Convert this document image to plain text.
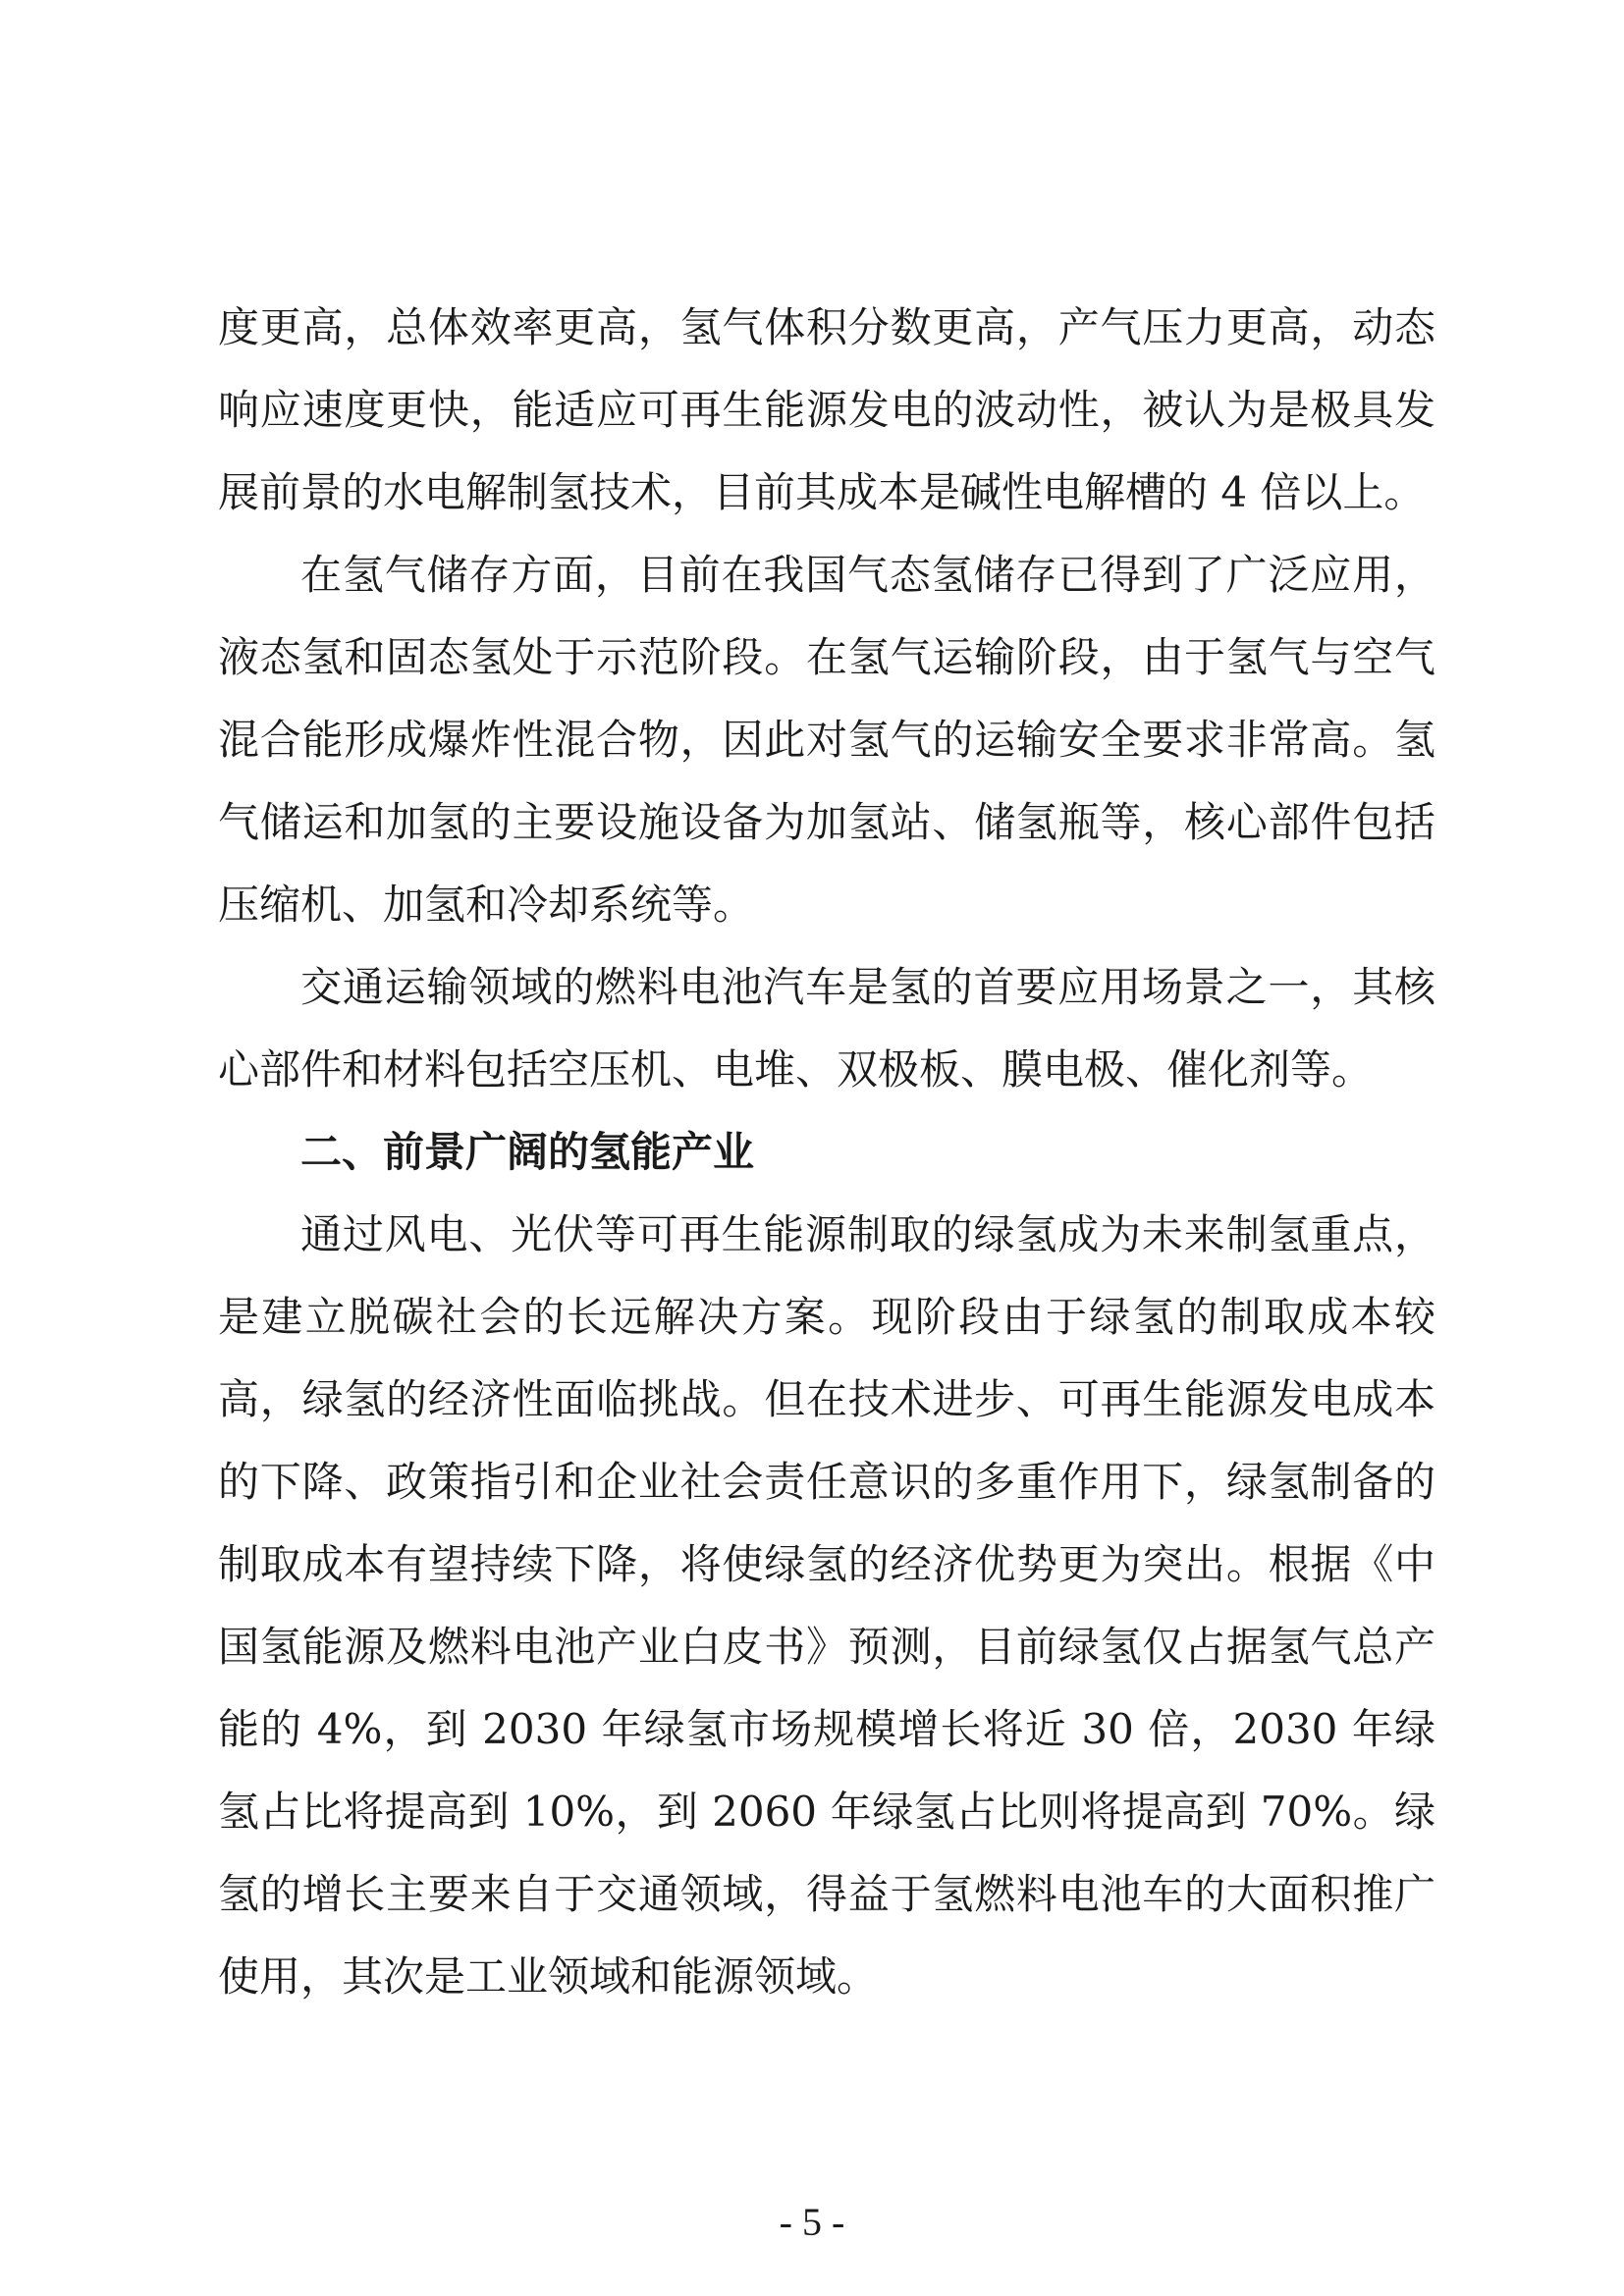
度更高，总体效率更高，氢气体积分数更高，产气压力更高，动态响应速度更快，能适应可再生能源发电的波动性，被认为是极具发展前景的水电解制氢技术，目前其成本是碱性电解槽的 4 倍以上。

在氢气储存方面，目前在我国气态氢储存已得到了广泛应用，液态氢和固态氢处于示范阶段。在氢气运输阶段，由于氢气与空气混合能形成爆炸性混合物，因此对氢气的运输安全要求非常高。氢气储运和加氢的主要设施设备为加氢站、储氢瓶等，核心部件包括压缩机、加氢和冷却系统等。

交通运输领域的燃料电池汽车是氢的首要应用场景之一，其核心部件和材料包括空压机、电堆、双极板、膜电极、催化剂等。

二、前景广阔的氢能产业

通过风电、光伏等可再生能源制取的绿氢成为未来制氢重点，是建立脱碳社会的长远解决方案。现阶段由于绿氢的制取成本较高，绿氢的经济性面临挑战。但在技术进步、可再生能源发电成本的下降、政策指引和企业社会责任意识的多重作用下，绿氢制备的制取成本有望持续下降，将使绿氢的经济优势更为突出。根据《中国氢能源及燃料电池产业白皮书》预测，目前绿氢仅占据氢气总产能的 4%，到 2030 年绿氢市场规模增长将近 30 倍，2030 年绿氢占比将提高到 10%，到 2060 年绿氢占比则将提高到 70%。绿氢的增长主要来自于交通领域，得益于氢燃料电池车的大面积推广使用，其次是工业领域和能源领域。

- 5 -
